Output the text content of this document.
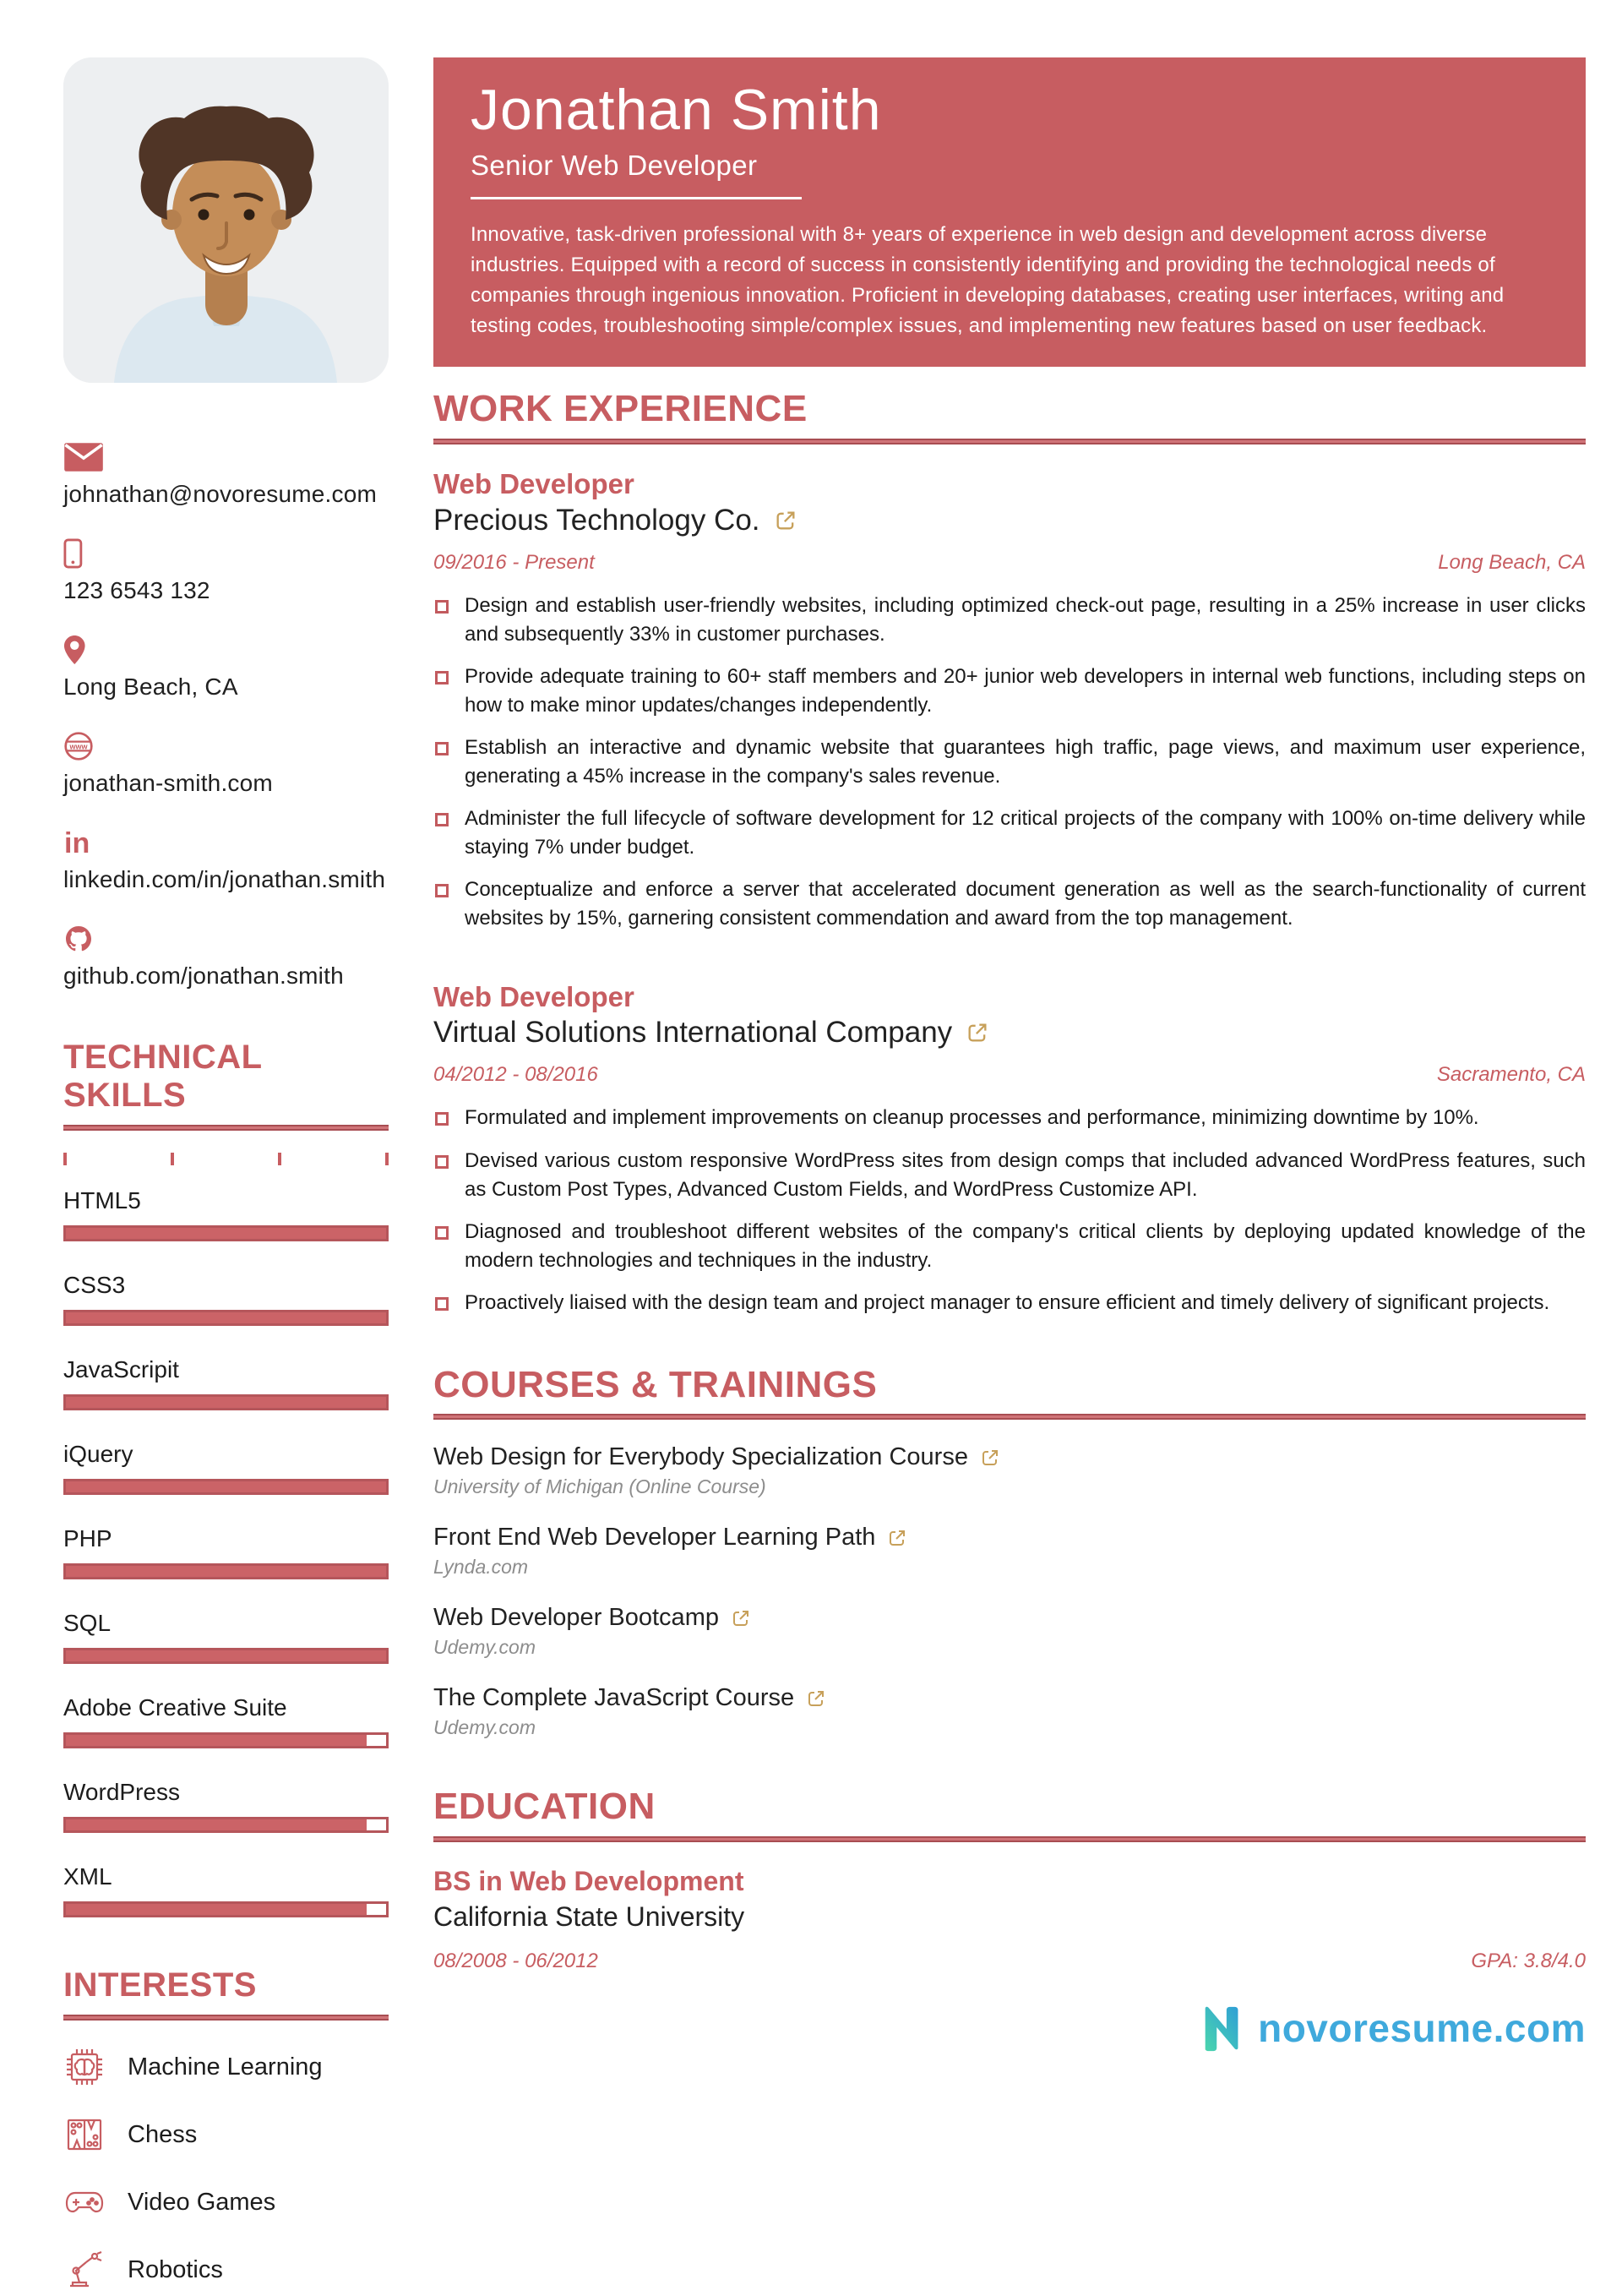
johnathan@novoresume.com
123 6543 132
Long Beach, CA
www
jonathan-smith.com
in
linkedin.com/in/jonathan.smith
github.com/jonathan.smith
TECHNICAL SKILLS
HTML5
CSS3
JavaScripit
iQuery
PHP
SQL
Adobe Creative Suite
WordPress
XML
INTERESTS
Machine Learning
Chess
Video Games
Robotics
Jonathan Smith
Senior Web Developer

Innovative, task-driven professional with 8+ years of experience in web design and development across diverse industries. Equipped with a record of success in consistently identifying and providing the technological needs of companies through ingenious innovation. Proficient in developing databases, creating user interfaces, writing and testing codes, troubleshooting simple/complex issues, and implementing new features based on user feedback.

WORK EXPERIENCE
Web Developer
Precious Technology Co.
09/2016 - Present	Long Beach, CA
Design and establish user-friendly websites, including optimized check-out page, resulting in a 25% increase in user clicks and subsequently 33% in customer purchases.
Provide adequate training to 60+ staff members and 20+ junior web developers in internal web functions, including steps on how to make minor updates/changes independently.
Establish an interactive and dynamic website that guarantees high traffic, page views, and maximum user experience, generating a 45% increase in the company's sales revenue.
Administer the full lifecycle of software development for 12 critical projects of the company with 100% on-time delivery while staying 7% under budget.
Conceptualize and enforce a server that accelerated document generation as well as the search-functionality of current websites by 15%, garnering consistent commendation and award from the top management.
Web Developer
Virtual Solutions International Company
04/2012 - 08/2016	Sacramento, CA
Formulated and implement improvements on cleanup processes and performance, minimizing downtime by 10%.
Devised various custom responsive WordPress sites from design comps that included advanced WordPress features, such as Custom Post Types, Advanced Custom Fields, and WordPress Customize API.
Diagnosed and troubleshoot different websites of the company's critical clients by deploying updated knowledge of the modern technologies and techniques in the industry.
Proactively liaised with the design team and project manager to ensure efficient and timely delivery of significant projects.
COURSES & TRAININGS
Web Design for Everybody Specialization Course
University of Michigan (Online Course)
Front End Web Developer Learning Path
Lynda.com
Web Developer Bootcamp
Udemy.com
The Complete JavaScript Course
Udemy.com
EDUCATION
BS in Web Development
California State University
08/2008 - 06/2012	GPA: 3.8/4.0
novoresume.com
